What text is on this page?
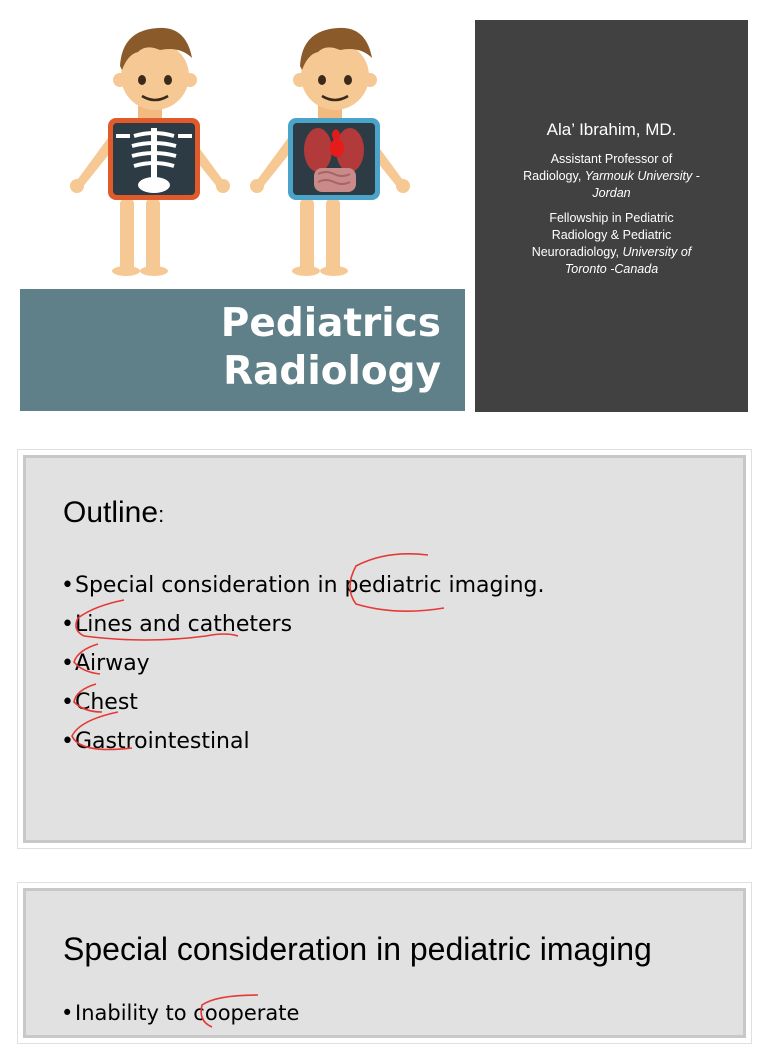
Pediatrics
Radiology
Ala’ Ibrahim, MD.
Assistant Professor of
Radiology, Yarmouk University -
Jordan
Fellowship in Pediatric
Radiology & Pediatric
Neuroradiology, University of
Toronto -Canada
Outline:
•Special consideration in pediatric imaging.
•Lines and catheters
•Airway
•Chest
•Gastrointestinal
Special consideration in pediatric imaging
•Inability to cooperate
